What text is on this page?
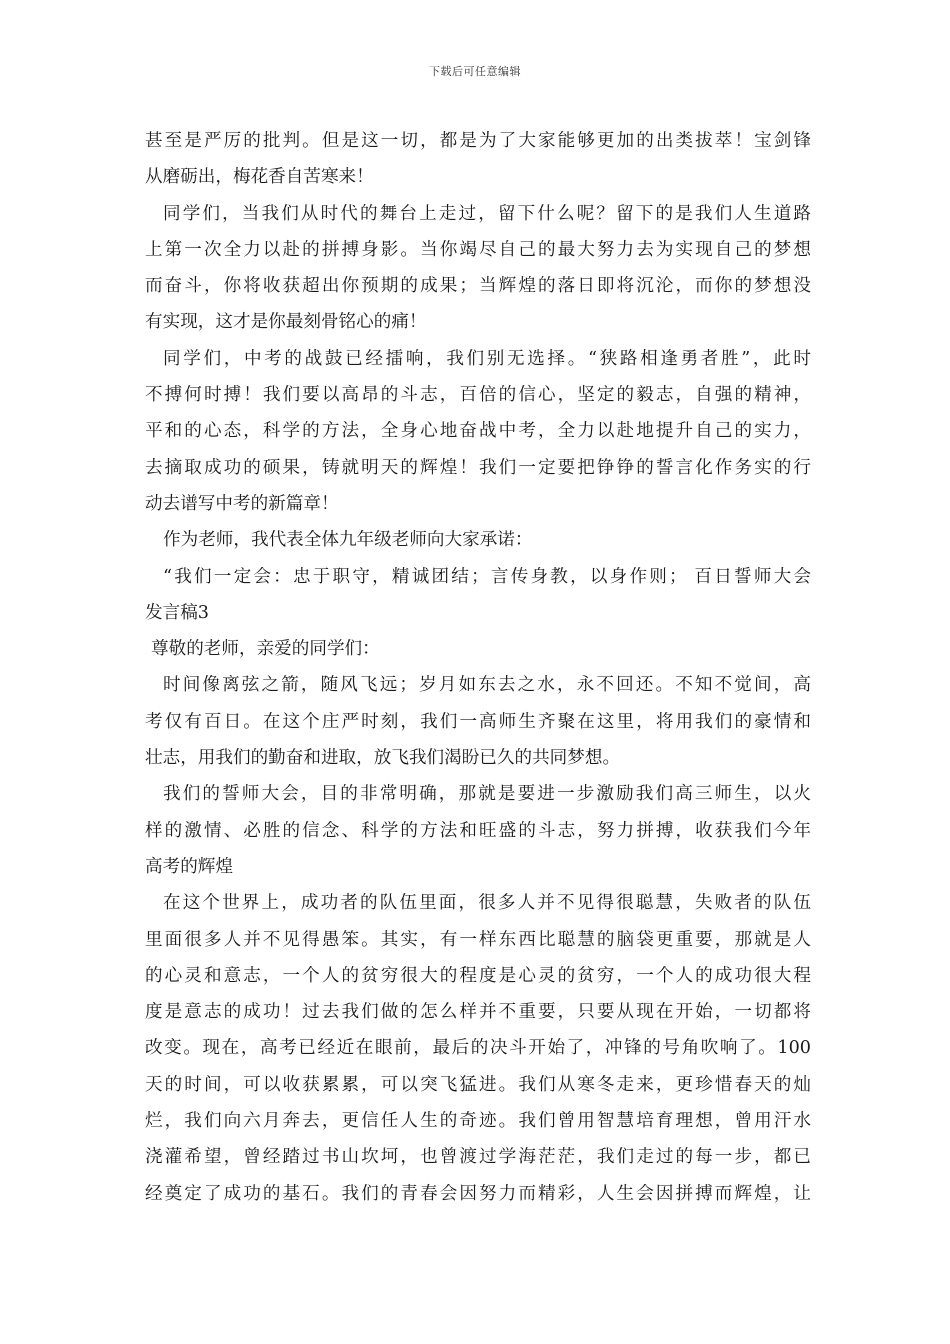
下载后可任意编辑
甚至是严厉的批判。但是这一切，都是为了大家能够更加的出类拔萃！宝剑锋
从磨砺出，梅花香自苦寒来！
同学们，当我们从时代的舞台上走过，留下什么呢？留下的是我们人生道路
上第一次全力以赴的拼搏身影。当你竭尽自己的最大努力去为实现自己的梦想
而奋斗，你将收获超出你预期的成果；当辉煌的落日即将沉沦，而你的梦想没
有实现，这才是你最刻骨铭心的痛！
同学们，中考的战鼓已经擂响，我们别无选择。“狭路相逢勇者胜”，此时
不搏何时搏！我们要以高昂的斗志，百倍的信心，坚定的毅志，自强的精神，
平和的心态，科学的方法，全身心地奋战中考，全力以赴地提升自己的实力，
去摘取成功的硕果，铸就明天的辉煌！我们一定要把铮铮的誓言化作务实的行
动去谱写中考的新篇章！
作为老师，我代表全体九年级老师向大家承诺：
“我们一定会：忠于职守，精诚团结；言传身教，以身作则； 百日誓师大会
发言稿3
尊敬的老师，亲爱的同学们：
时间像离弦之箭，随风飞远；岁月如东去之水，永不回还。不知不觉间，高
考仅有百日。在这个庄严时刻，我们一高师生齐聚在这里，将用我们的豪情和
壮志，用我们的勤奋和进取，放飞我们渴盼已久的共同梦想。
我们的誓师大会，目的非常明确，那就是要进一步激励我们高三师生，以火
样的激情、必胜的信念、科学的方法和旺盛的斗志，努力拼搏，收获我们今年
高考的辉煌
在这个世界上，成功者的队伍里面，很多人并不见得很聪慧，失败者的队伍
里面很多人并不见得愚笨。其实，有一样东西比聪慧的脑袋更重要，那就是人
的心灵和意志，一个人的贫穷很大的程度是心灵的贫穷，一个人的成功很大程
度是意志的成功！过去我们做的怎么样并不重要，只要从现在开始，一切都将
改变。现在，高考已经近在眼前，最后的决斗开始了，冲锋的号角吹响了。100
天的时间，可以收获累累，可以突飞猛进。我们从寒冬走来，更珍惜春天的灿
烂，我们向六月奔去，更信任人生的奇迹。我们曾用智慧培育理想，曾用汗水
浇灌希望，曾经踏过书山坎坷，也曾渡过学海茫茫，我们走过的每一步，都已
经奠定了成功的基石。我们的青春会因努力而精彩，人生会因拼搏而辉煌，让
